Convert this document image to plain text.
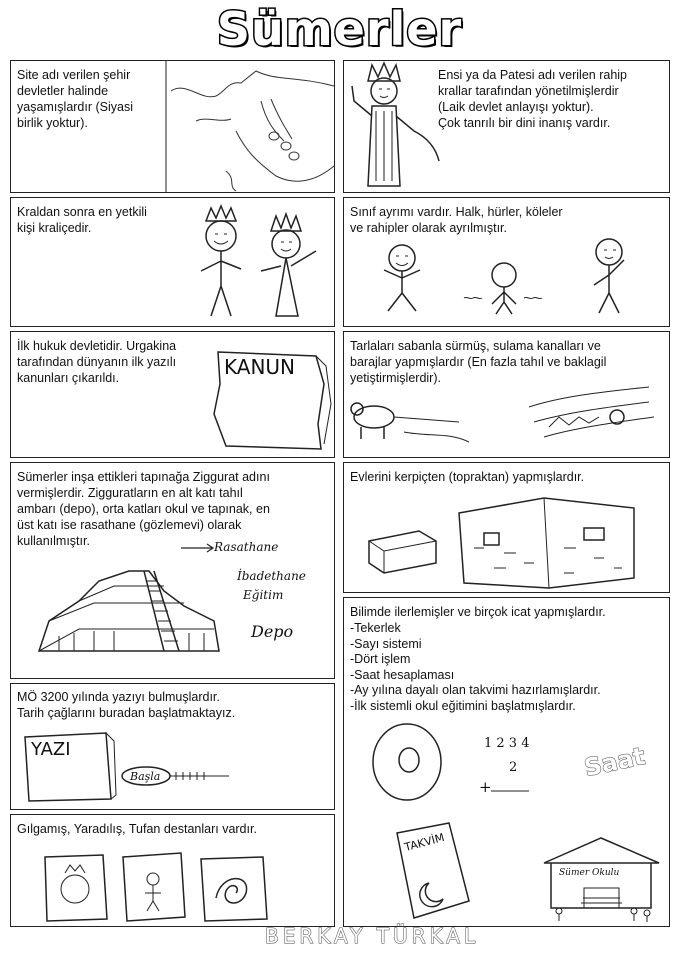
Sümerler
Site adı verilen şehir
devletler halinde
yaşamışlardır (Siyasi
birlik yoktur).
Ensi ya da Patesi adı verilen rahip
krallar tarafından yönetilmişlerdir
(Laik devlet anlayışı yoktur).
Çok tanrılı bir dini inanış vardır.
Kraldan sonra en yetkili
kişi kraliçedir.
Sınıf ayrımı vardır. Halk, hürler, köleler
ve rahipler olarak ayrılmıştır.
İlk hukuk devletidir. Urgakina
tarafından dünyanın ilk yazılı
kanunları çıkarıldı.	KANUN
Tarlaları sabanla sürmüş, sulama kanalları ve
barajlar yapmışlardır (En fazla tahıl ve baklagil
yetiştirmişlerdir).
Sümerler inşa ettikleri tapınağa Ziggurat adını
vermişlerdir. Zigguratların en alt katı tahıl
ambarı (depo), orta katları okul ve tapınak, en
üst katı ise rasathane (gözlemevi) olarak
kullanılmıştır.	Rasathane
İbadethane
Eğitim
Depo
Evlerini kerpiçten (topraktan) yapmışlardır.
MÖ 3200 yılında yazıyı bulmuşlardır.
Tarih çağlarını buradan başlatmaktayız.
YAZI
Başla
Bilimde ilerlemişler ve birçok icat yapmışlardır.
-Tekerlek
-Sayı sistemi
-Dört işlem
-Saat hesaplaması
-Ay yılına dayalı olan takvimi hazırlamışlardır.
-İlk sistemli okul eğitimini başlatmışlardır.
1 2 3 4
2
+
Saat
TAKVİM
Sümer Okulu
Gılgamış, Yaradılış, Tufan destanları vardır.
BERKAY TÜRKAL
